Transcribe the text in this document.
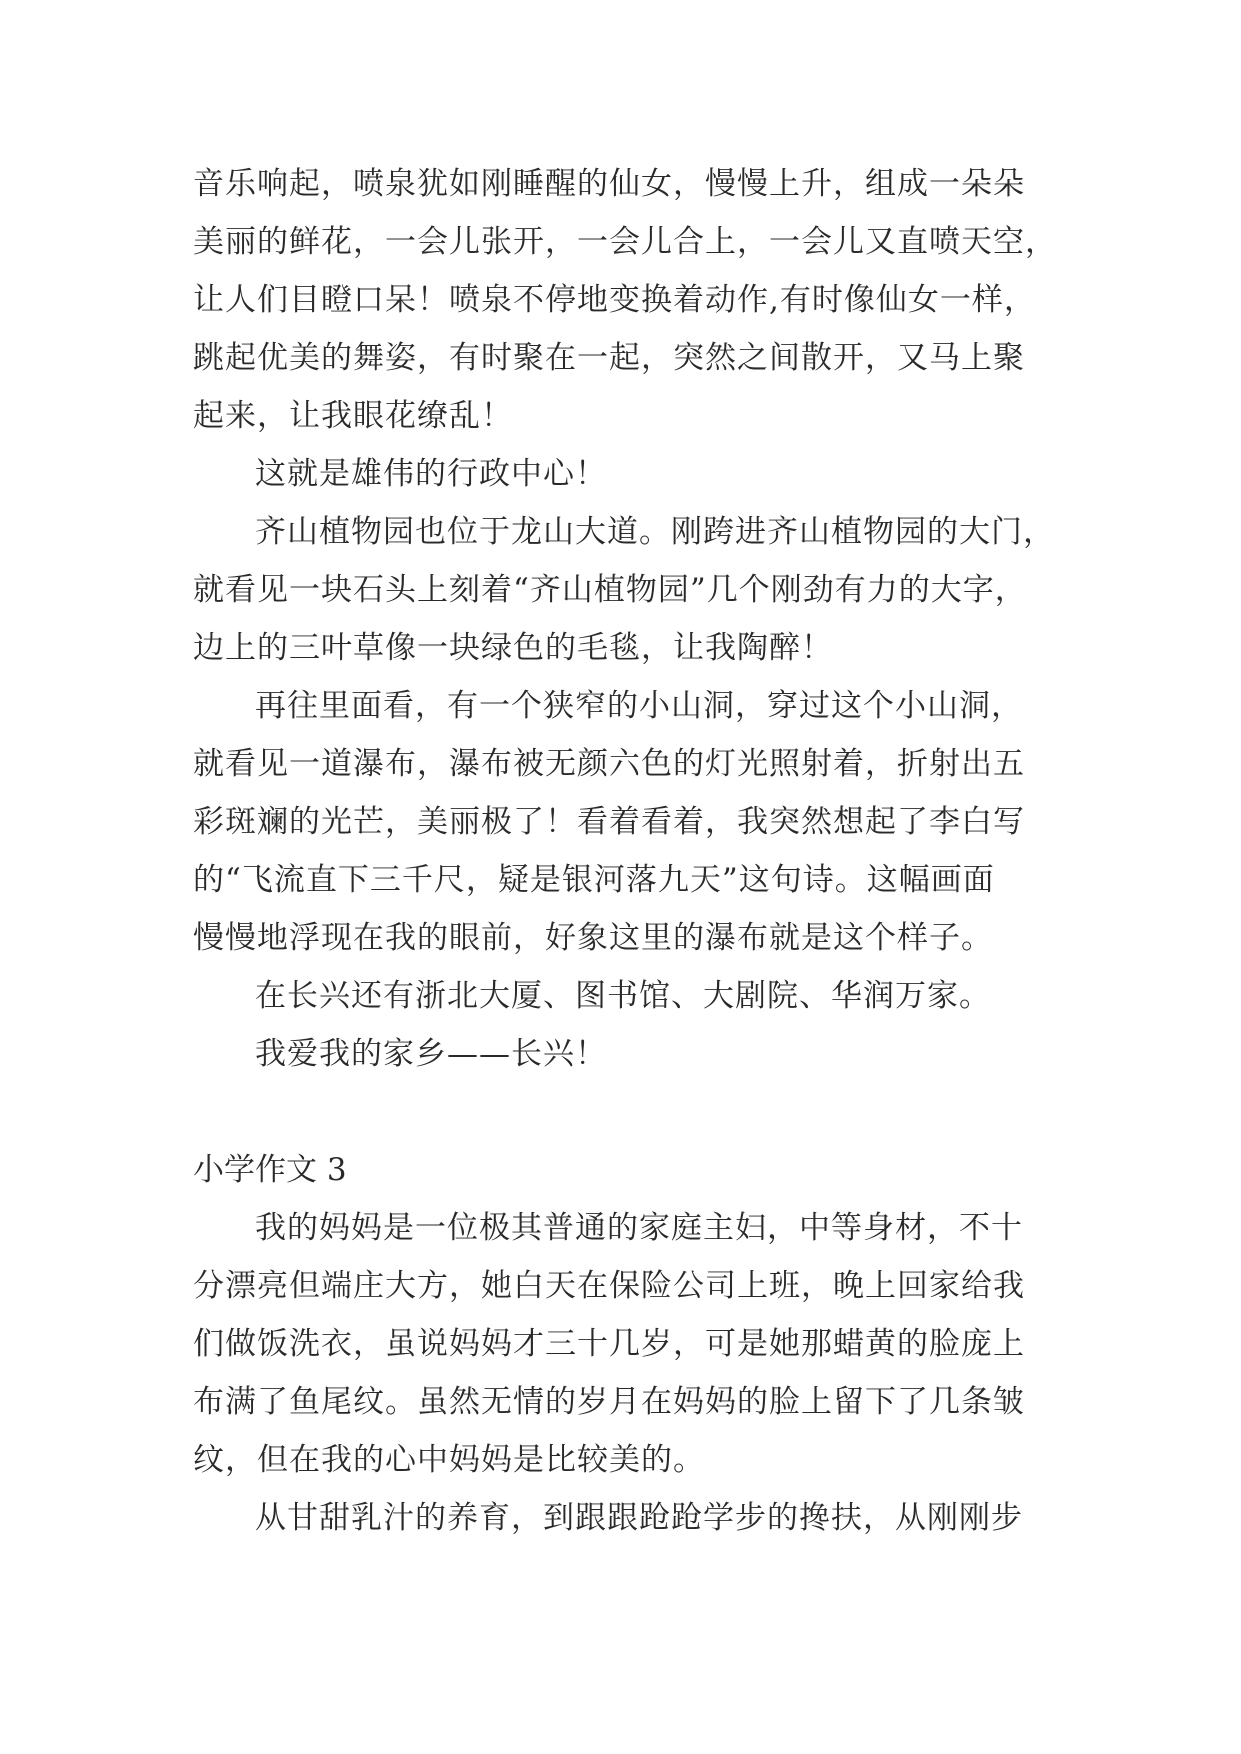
音乐响起，喷泉犹如刚睡醒的仙女，慢慢上升，组成一朵朵
美丽的鲜花，一会儿张开，一会儿合上，一会儿又直喷天空，
让人们目瞪口呆！喷泉不停地变换着动作,有时像仙女一样，
跳起优美的舞姿，有时聚在一起，突然之间散开，又马上聚
起来，让我眼花缭乱！
这就是雄伟的行政中心！
齐山植物园也位于龙山大道。刚跨进齐山植物园的大门，
就看见一块石头上刻着“齐山植物园”几个刚劲有力的大字，
边上的三叶草像一块绿色的毛毯，让我陶醉！
再往里面看，有一个狭窄的小山洞，穿过这个小山洞，
就看见一道瀑布，瀑布被无颜六色的灯光照射着，折射出五
彩斑斓的光芒，美丽极了！看着看着，我突然想起了李白写
的“飞流直下三千尺，疑是银河落九天”这句诗。这幅画面
慢慢地浮现在我的眼前，好象这里的瀑布就是这个样子。
在长兴还有浙北大厦、图书馆、大剧院、华润万家。
我爱我的家乡——长兴！
小学作文 3
我的妈妈是一位极其普通的家庭主妇，中等身材，不十
分漂亮但端庄大方，她白天在保险公司上班，晚上回家给我
们做饭洗衣，虽说妈妈才三十几岁，可是她那蜡黄的脸庞上
布满了鱼尾纹。虽然无情的岁月在妈妈的脸上留下了几条皱
纹，但在我的心中妈妈是比较美的。
从甘甜乳汁的养育，到跟跟跄跄学步的搀扶，从刚刚步
